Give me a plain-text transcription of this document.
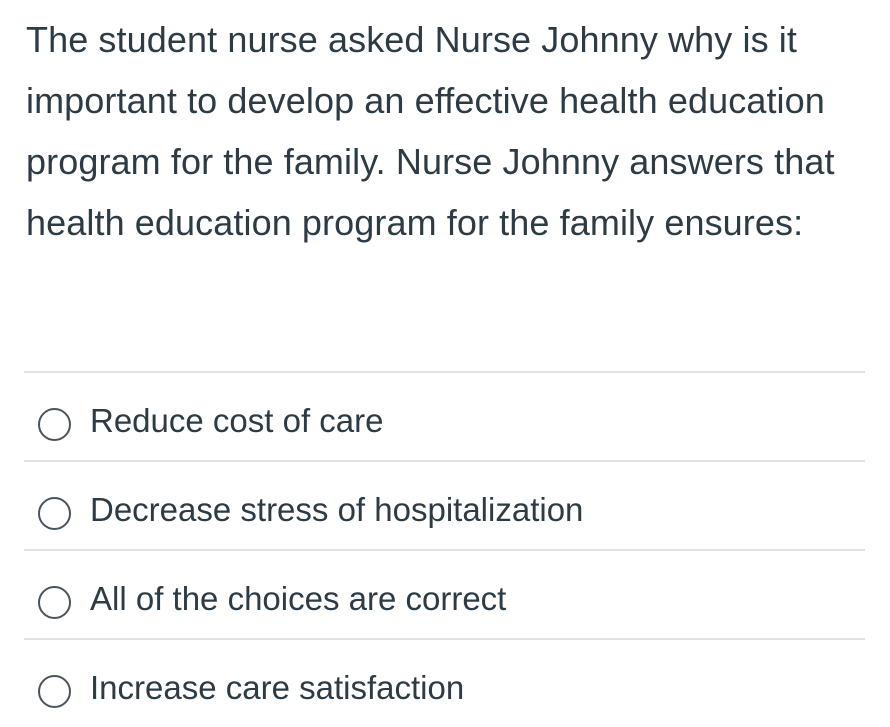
The student nurse asked Nurse Johnny why is it important to develop an effective health education program for the family. Nurse Johnny answers that health education program for the family ensures:

Reduce cost of care
Decrease stress of hospitalization
All of the choices are correct
Increase care satisfaction
